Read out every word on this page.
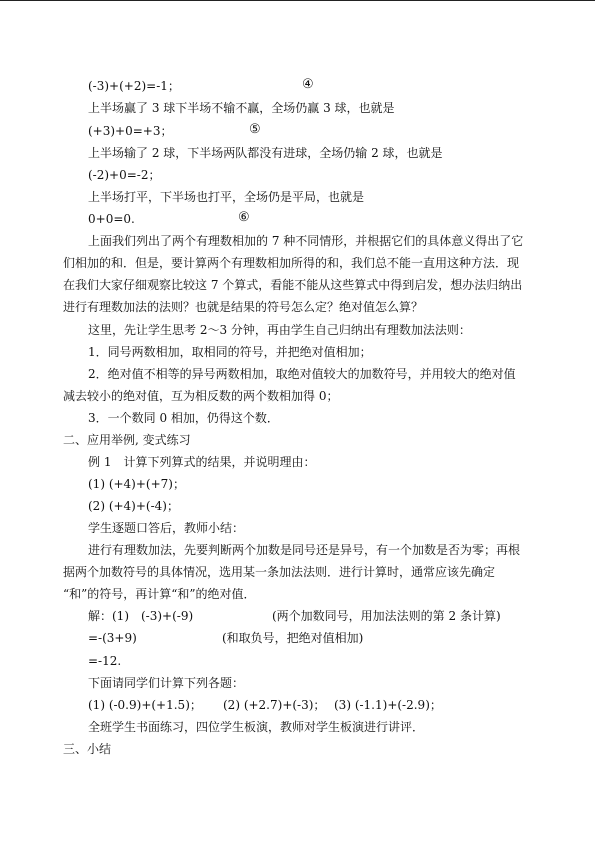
(-3)+(+2)=-1；	④
上半场赢了 3 球下半场不输不赢，全场仍赢 3 球，也就是
(+3)+0=+3；	⑤
上半场输了 2 球，下半场两队都没有进球，全场仍输 2 球，也就是
(-2)+0=-2；
上半场打平，下半场也打平，全场仍是平局，也就是
0+0=0.	⑥
上面我们列出了两个有理数相加的 7 种不同情形，并根据它们的具体意义得出了它
们相加的和．但是，要计算两个有理数相加所得的和，我们总不能一直用这种方法．现
在我们大家仔细观察比较这 7 个算式，看能不能从这些算式中得到启发，想办法归纳出
进行有理数加法的法则？也就是结果的符号怎么定？绝对值怎么算？
这里，先让学生思考 2～3 分钟，再由学生自己归纳出有理数加法法则：
1．同号两数相加，取相同的符号，并把绝对值相加；
2．绝对值不相等的异号两数相加，取绝对值较大的加数符号，并用较大的绝对值
减去较小的绝对值，互为相反数的两个数相加得 0；
3．一个数同 0 相加，仍得这个数．
二、应用举例, 变式练习
例 1　计算下列算式的结果，并说明理由：
(1) (+4)+(+7)；
(2) (+4)+(-4)；
学生逐题口答后，教师小结：
进行有理数加法，先要判断两个加数是同号还是异号，有一个加数是否为零；再根
据两个加数符号的具体情况，选用某一条加法法则．进行计算时，通常应该先确定
“和”的符号，再计算“和”的绝对值．
解：(1)　(-3)+(-9)	(两个加数同号，用加法法则的第 2 条计算)
=-(3+9)	(和取负号，把绝对值相加)
=-12.
下面请同学们计算下列各题：
(1) (-0.9)+(+1.5)； (2) (+2.7)+(-3)； (3) (-1.1)+(-2.9)；
全班学生书面练习，四位学生板演，教师对学生板演进行讲评．
三、小结
